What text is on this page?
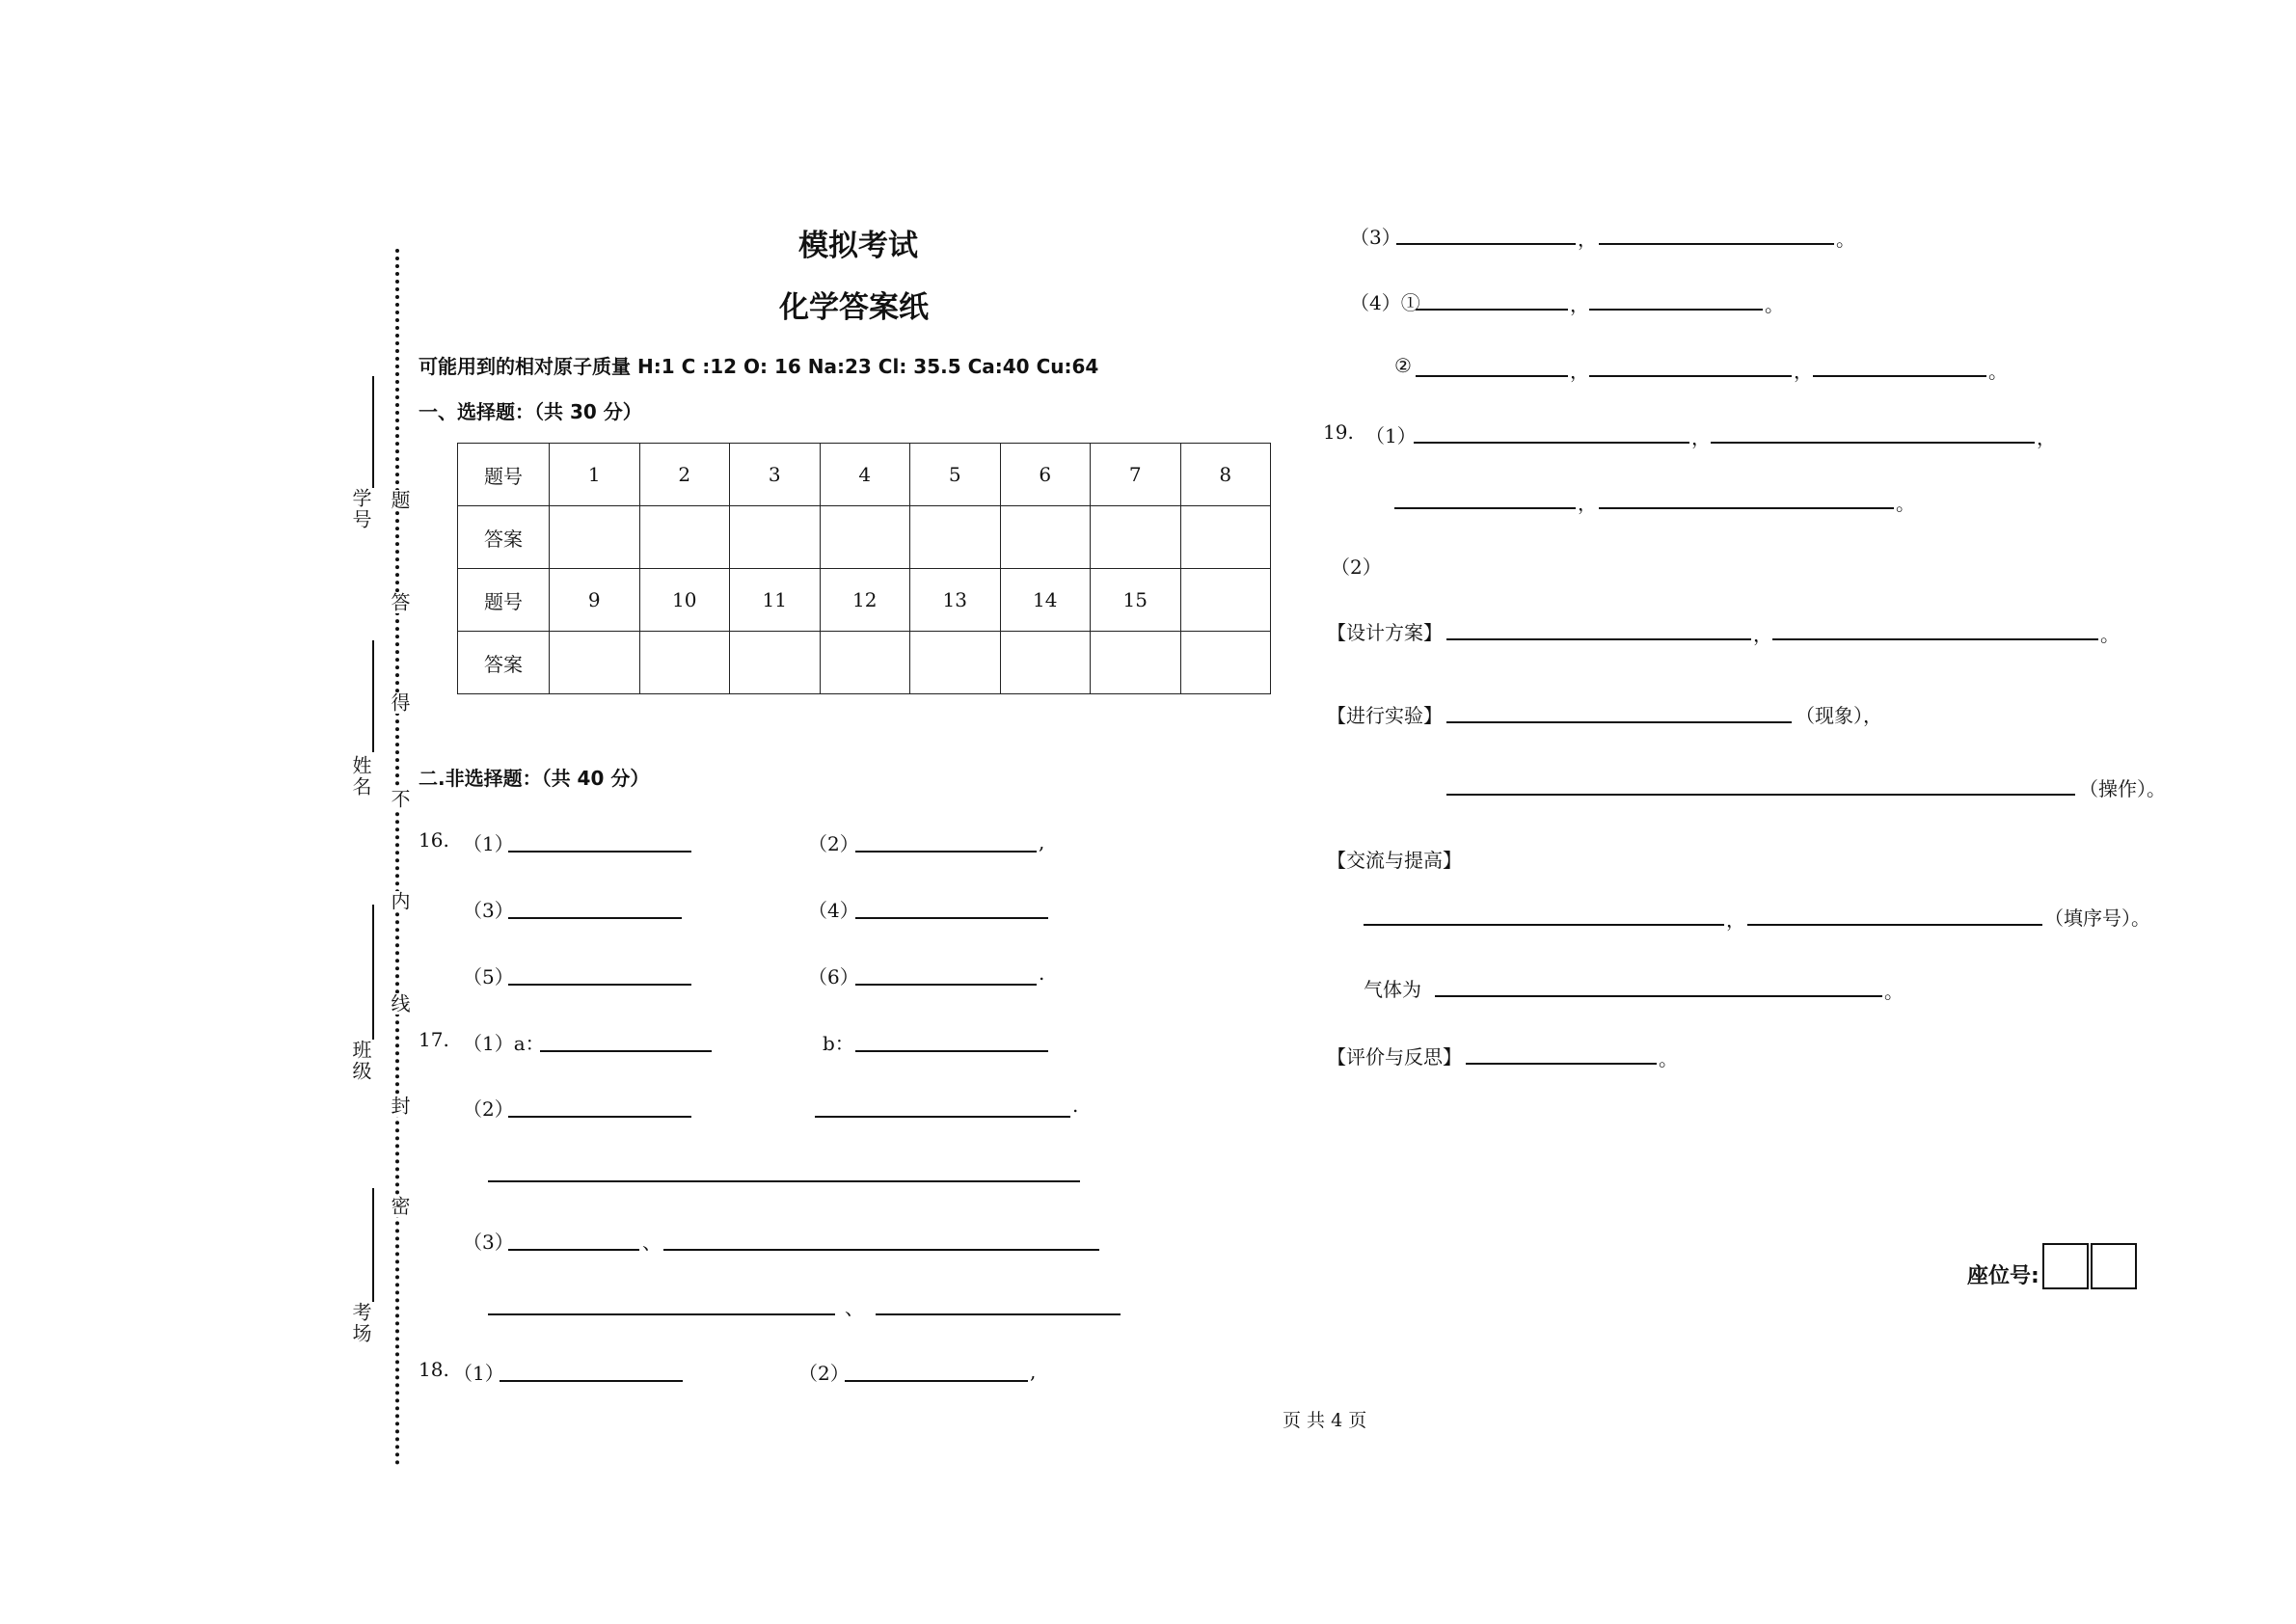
模拟考试
化学答案纸
可能用到的相对原子质量 H:1 C :12 O: 16 Na:23 Cl: 35.5 Ca:40 Cu:64
一、选择题：（共 30 分）
学号
姓名
班级
考场
题
答
得
不
内
线
封
密
题号	1	2	3	4	5	6	7	8
答案								
题号	9	10	11	12	13	14	15	
答案								
二.非选择题：（共 40 分）
16. （1）	（2）	,
（3）	（4）
（5）	（6）	.
17. （1）a：	b：
（2）	.
（3）	、
、
18. （1）	（2）	,
页 共 4 页
（3）	，	。
（4）①	，	。
②	，	，	。
19. （1）	，	，
，	。
（2）
【设计方案】	，	。
【进行实验】	（现象），
（操作）。
【交流与提高】
，	（填序号）。
气体为	。
【评价与反思】	。
座位号:
